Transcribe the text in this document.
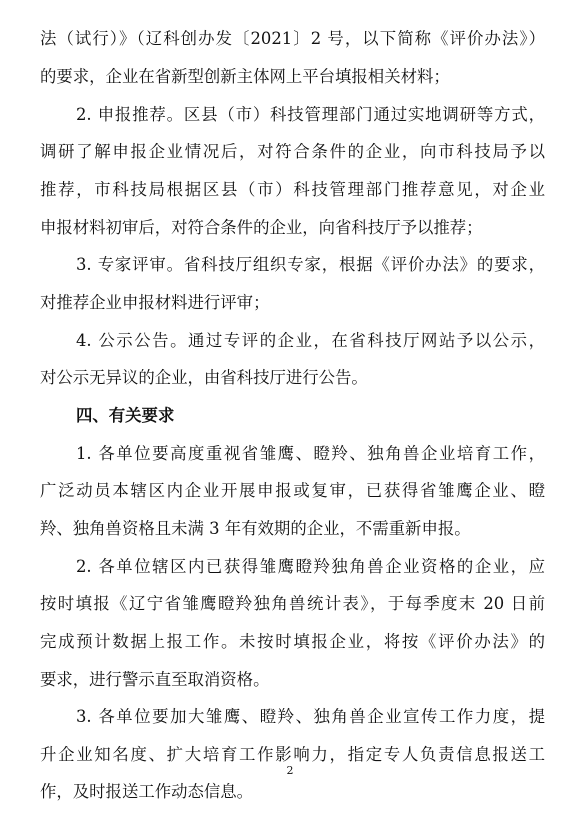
法（试行）》（辽科创办发〔2021〕2 号，以下简称《评价办法》）
的要求，企业在省新型创新主体网上平台填报相关材料；
2. 申报推荐。区县（市）科技管理部门通过实地调研等方式，
调研了解申报企业情况后，对符合条件的企业，向市科技局予以
推荐，市科技局根据区县（市）科技管理部门推荐意见，对企业
申报材料初审后，对符合条件的企业，向省科技厅予以推荐；
3. 专家评审。省科技厅组织专家，根据《评价办法》的要求，
对推荐企业申报材料进行评审；
4. 公示公告。通过专评的企业，在省科技厅网站予以公示，
对公示无异议的企业，由省科技厅进行公告。
四、有关要求
1. 各单位要高度重视省雏鹰、瞪羚、独角兽企业培育工作，
广泛动员本辖区内企业开展申报或复审，已获得省雏鹰企业、瞪
羚、独角兽资格且未满 3 年有效期的企业，不需重新申报。
2. 各单位辖区内已获得雏鹰瞪羚独角兽企业资格的企业，应
按时填报《辽宁省雏鹰瞪羚独角兽统计表》，于每季度末 20 日前
完成预计数据上报工作。未按时填报企业，将按《评价办法》的
要求，进行警示直至取消资格。
3. 各单位要加大雏鹰、瞪羚、独角兽企业宣传工作力度，提
升企业知名度、扩大培育工作影响力，指定专人负责信息报送工
作，及时报送工作动态信息。
2
